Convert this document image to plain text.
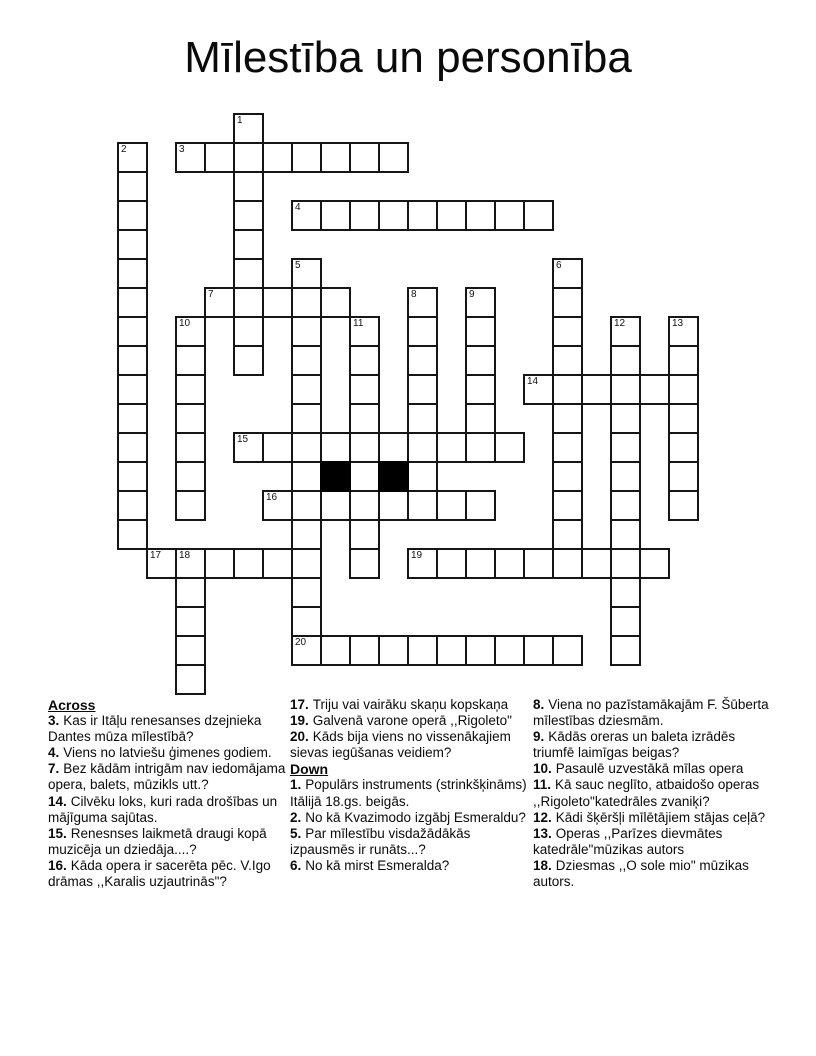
Mīlestība un personība
1
2	3
4
5
20
6
7	8	9
10	11	12	13
14
15
16
17 18	19
Across
3. Kas ir Itāļu renesanses dzejnieka Dantes mūza mīlestībā?
4. Viens no latviešu ģimenes godiem.
7. Bez kādām intrigām nav iedomājama opera, balets, mūzikls utt.?
14. Cilvēku loks, kuri rada drošības un mājīguma sajūtas.
15. Renesnses laikmetā draugi kopā muzicēja un dziedāja....?
16. Kāda opera ir sacerēta pēc. V.Igo drāmas ,,Karalis uzjautrinās"?
17. Triju vai vairāku skaņu kopskaņa
19. Galvenā varone operā ,,Rigoleto"
20. Kāds bija viens no vissenākajiem sievas iegūšanas veidiem?
Down
1. Populārs instruments (strinkšķināms) Itālijā 18.gs. beigās.
2. No kā Kvazimodo izgābj Esmeraldu?
5. Par mīlestību visdažādākās izpausmēs ir runāts...?
6. No kā mirst Esmeralda?
8. Viena no pazīstamākajām F. Šūberta mīlestības dziesmām.
9. Kādās oreras un baleta izrādēs triumfē laimīgas beigas?
10. Pasaulē uzvestākā mīlas opera
11. Kā sauc neglīto, atbaidošo operas ,,Rigoleto"katedrāles zvaniķi?
12. Kādi šķēršļi mīlētājiem stājas ceļā?
13. Operas ,,Parīzes dievmātes katedrāle"mūzikas autors
18. Dziesmas ,,O sole mio" mūzikas autors.
